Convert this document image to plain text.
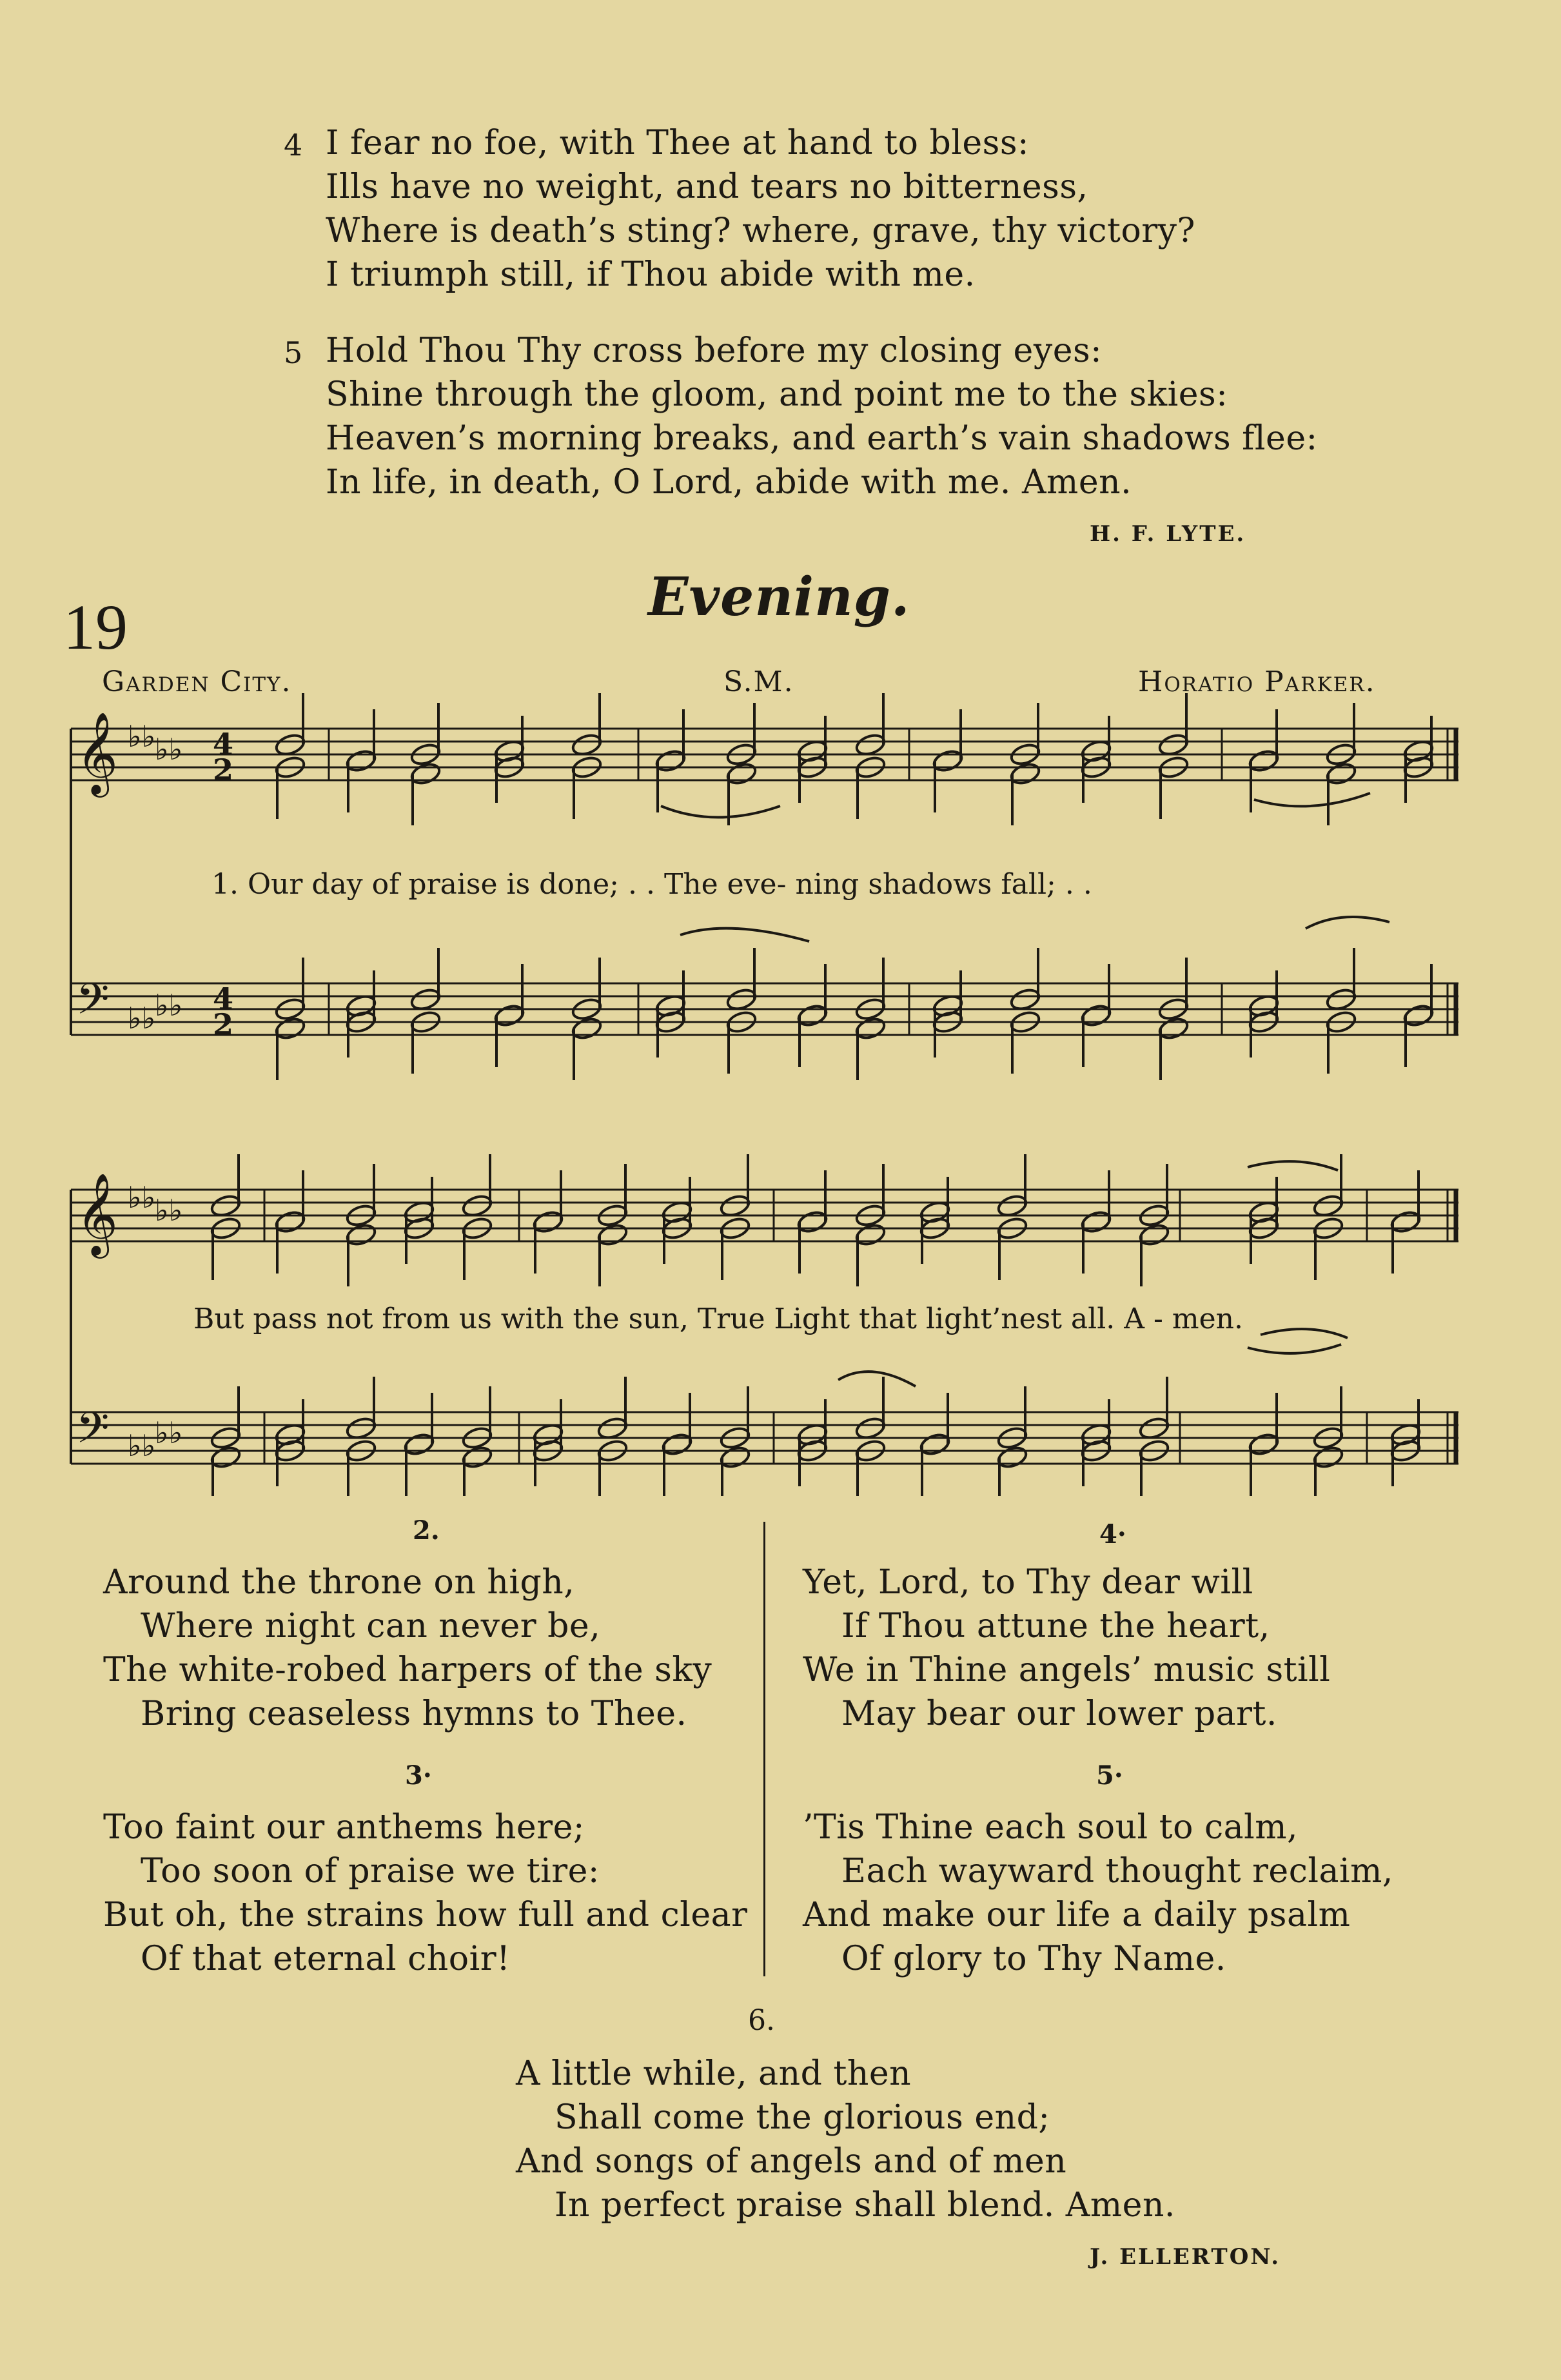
4 I fear no foe, with Thee at hand to bless:
Ills have no weight, and tears no bitterness,
Where is death’s sting? where, grave, thy victory?
I triumph still, if Thou abide with me.
5 Hold Thou Thy cross before my closing eyes:
Shine through the gloom, and point me to the skies:
Heaven’s morning breaks, and earth’s vain shadows flee:
In life, in death, O Lord, abide with me. Amen.
H. F. LYTE.
19	Evening.
Garden City.	S.M.	Horatio Parker.
𝄞
𝄢
𝄞
𝄢
♭♭
♭♭
♭♭
♭♭
♭♭
♭♭
♭♭
♭♭
4
2
4
2
1. Our day of praise is done; . . The eve- ning shadows fall; . .
But pass not from us with the sun, True Light that light’nest all. A - men.
2.
Around the throne on high,
Where night can never be,
The white-robed harpers of the sky
Bring ceaseless hymns to Thee.
3·
Too faint our anthems here;
Too soon of praise we tire:
But oh, the strains how full and clear
Of that eternal choir!
4·
Yet, Lord, to Thy dear will
If Thou attune the heart,
We in Thine angels’ music still
May bear our lower part.
5·
’Tis Thine each soul to calm,
Each wayward thought reclaim,
And make our life a daily psalm
Of glory to Thy Name.
6.
A little while, and then
Shall come the glorious end;
And songs of angels and of men
In perfect praise shall blend. Amen.
J. ELLERTON.
